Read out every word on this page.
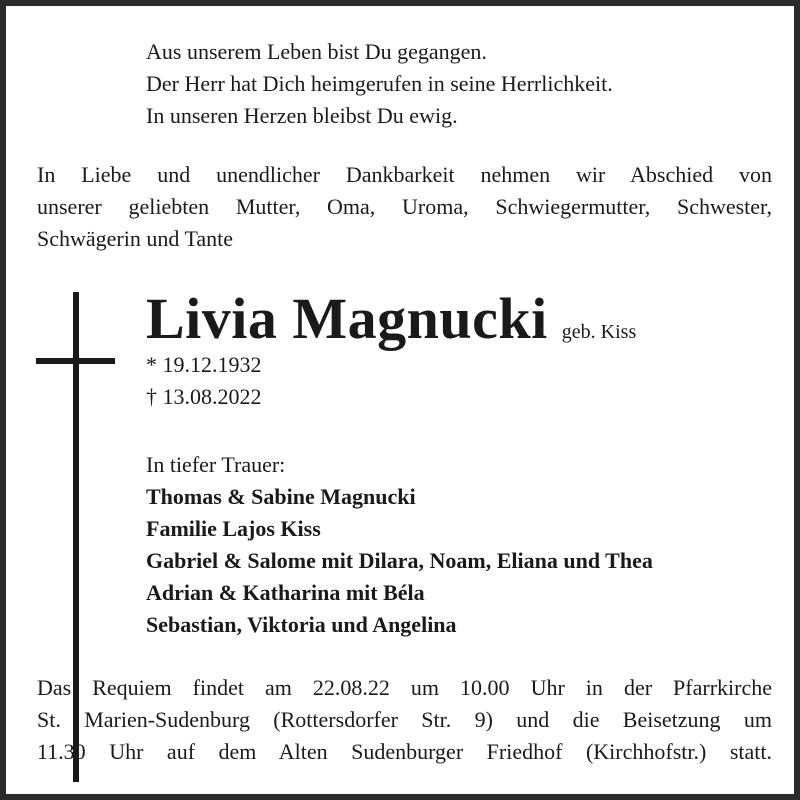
Aus unserem Leben bist Du gegangen.
Der Herr hat Dich heimgerufen in seine Herrlichkeit.
In unseren Herzen bleibst Du ewig.
In Liebe und unendlicher Dankbarkeit nehmen wir Abschied von
unserer geliebten Mutter, Oma, Uroma, Schwiegermutter, Schwester,
Schwägerin und Tante
Livia Magnucki geb. Kiss
* 19.12.1932
† 13.08.2022
In tiefer Trauer:
Thomas & Sabine Magnucki
Familie Lajos Kiss
Gabriel & Salome mit Dilara, Noam, Eliana und Thea
Adrian & Katharina mit Béla
Sebastian, Viktoria und Angelina
Das Requiem findet am 22.08.22 um 10.00 Uhr in der Pfarrkirche
St. Marien-Sudenburg (Rottersdorfer Str. 9) und die Beisetzung um
11.30 Uhr auf dem Alten Sudenburger Friedhof (Kirchhofstr.) statt.
